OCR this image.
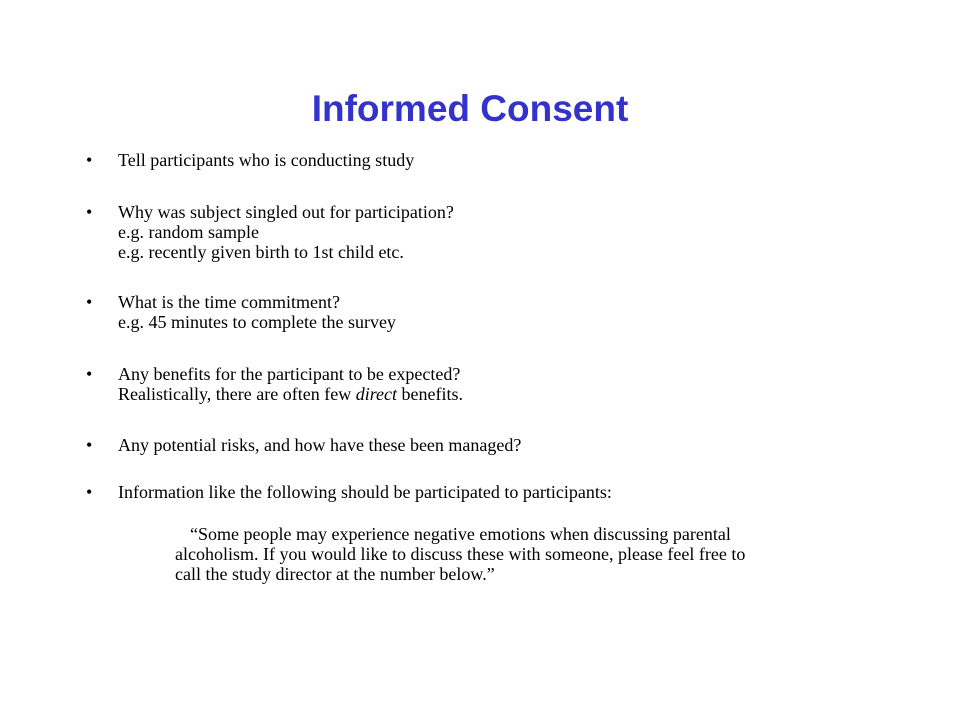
Informed Consent
•	Tell participants who is conducting study
•	Why was subject singled out for participation?
e.g. random sample
e.g. recently given birth to 1st child etc.
•	What is the time commitment?
e.g. 45 minutes to complete the survey
•	Any benefits for the participant to be expected?
Realistically, there are often few direct benefits.
•	Any potential risks, and how have these been managed?
•	Information like the following should be participated to participants:
“Some people may experience negative emotions when discussing parental
alcoholism. If you would like to discuss these with someone, please feel free to
call the study director at the number below.”
